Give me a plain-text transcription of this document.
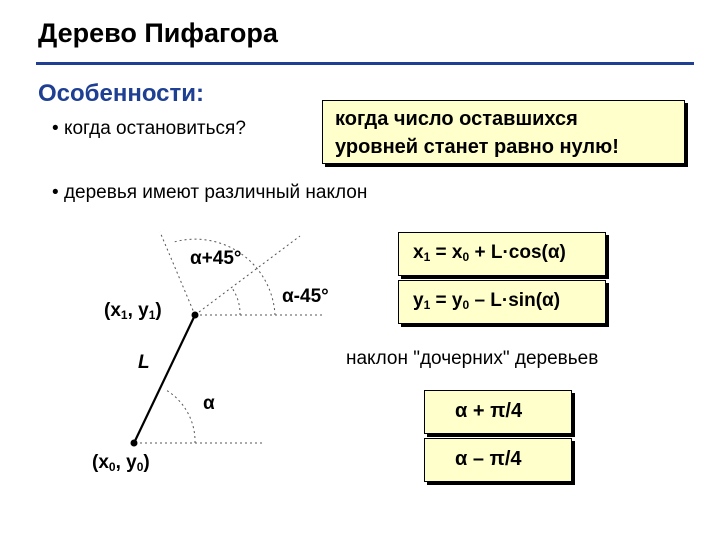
Дерево Пифагора
Особенности:
• когда остановиться?
• деревья имеют различный наклон
когда число оставшихся
уровней станет равно нулю!
$x_1 = x_0 + L\cdot\cos(\alpha)$
$y_1 = y_0 - L\cdot\sin(\alpha)$
наклон "дочерних" деревьев
α + π/4
α – π/4
α+45°
α-45°
α
L
($x_1$, $y_1$)
($x_0$, $y_0$)
